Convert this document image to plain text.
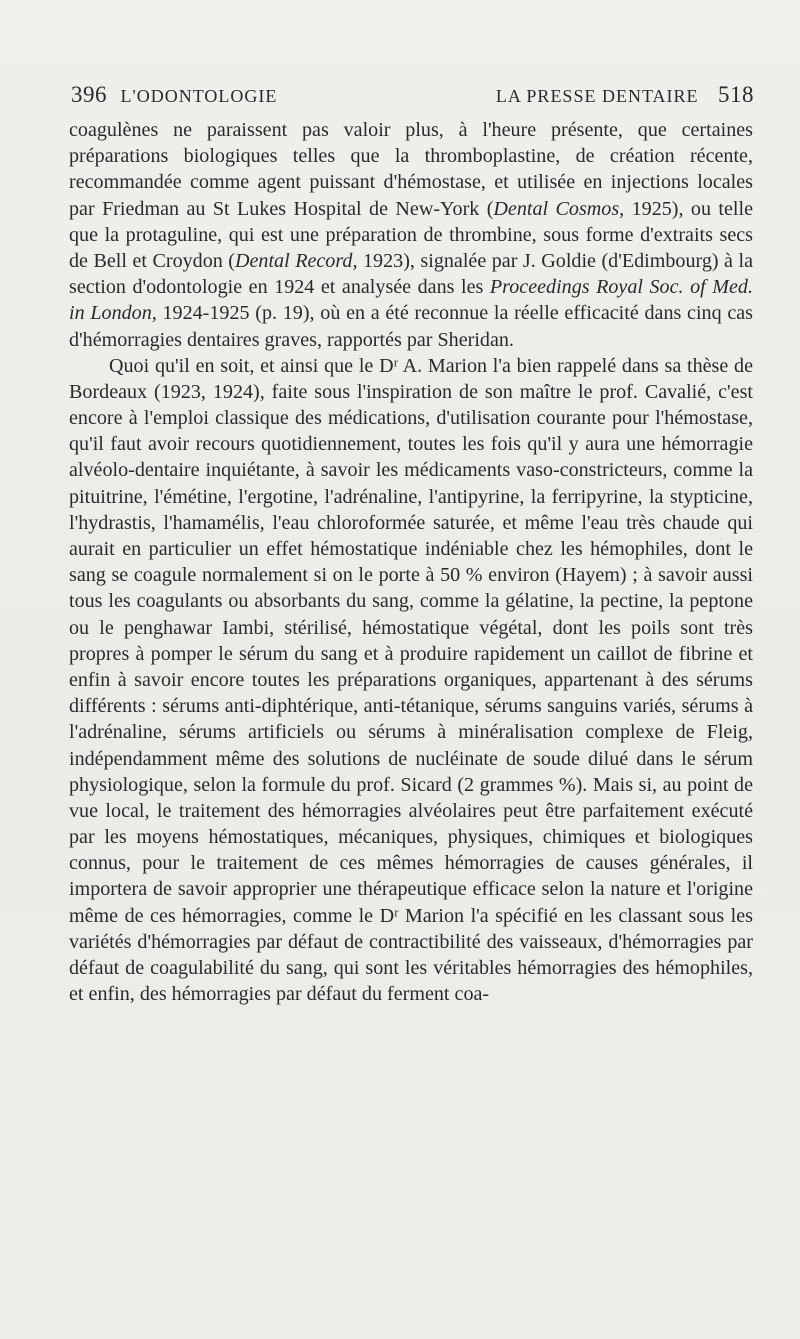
396 L'ODONTOLOGIE	LA PRESSE DENTAIRE 518

coagulènes ne paraissent pas valoir plus, à l'heure présente, que certaines préparations biologiques telles que la thromboplastine, de création récente, recommandée comme agent puissant d'hémostase, et utilisée en injections locales par Friedman au St Lukes Hospital de New-York (Dental Cosmos, 1925), ou telle que la protaguline, qui est une préparation de thrombine, sous forme d'extraits secs de Bell et Croydon (Dental Record, 1923), signalée par J. Goldie (d'Edimbourg) à la section d'odontologie en 1924 et analysée dans les Proceedings Royal Soc. of Med. in London, 1924-1925 (p. 19), où en a été reconnue la réelle efficacité dans cinq cas d'hémorragies dentaires graves, rapportés par Sheridan.

Quoi qu'il en soit, et ainsi que le Dʳ A. Marion l'a bien rappelé dans sa thèse de Bordeaux (1923, 1924), faite sous l'inspiration de son maître le prof. Cavalié, c'est encore à l'emploi classique des médications, d'utilisation courante pour l'hémostase, qu'il faut avoir recours quotidiennement, toutes les fois qu'il y aura une hémorragie alvéolo-dentaire inquiétante, à savoir les médicaments vaso-constricteurs, comme la pituitrine, l'émétine, l'ergotine, l'adrénaline, l'antipyrine, la ferripyrine, la stypticine, l'hydrastis, l'hamamélis, l'eau chloroformée saturée, et même l'eau très chaude qui aurait en particulier un effet hémostatique indéniable chez les hémophiles, dont le sang se coagule normalement si on le porte à 50 % environ (Hayem) ; à savoir aussi tous les coagulants ou absorbants du sang, comme la gélatine, la pectine, la peptone ou le penghawar Iambi, stérilisé, hémostatique végétal, dont les poils sont très propres à pomper le sérum du sang et à produire rapidement un caillot de fibrine et enfin à savoir encore toutes les préparations organiques, appartenant à des sérums différents : sérums anti-diphtérique, anti-tétanique, sérums sanguins variés, sérums à l'adrénaline, sérums artificiels ou sérums à minéralisation complexe de Fleig, indépendamment même des solutions de nucléinate de soude dilué dans le sérum physiologique, selon la formule du prof. Sicard (2 grammes %). Mais si, au point de vue local, le traitement des hémorragies alvéolaires peut être parfaitement exécuté par les moyens hémostatiques, mécaniques, physiques, chimiques et biologiques connus, pour le traitement de ces mêmes hémorragies de causes générales, il importera de savoir approprier une thérapeutique efficace selon la nature et l'origine même de ces hémorragies, comme le Dʳ Marion l'a spécifié en les classant sous les variétés d'hémorragies par défaut de contractibilité des vaisseaux, d'hémorragies par défaut de coagulabilité du sang, qui sont les véritables hémorragies des hémophiles, et enfin, des hémorragies par défaut du ferment coa-
